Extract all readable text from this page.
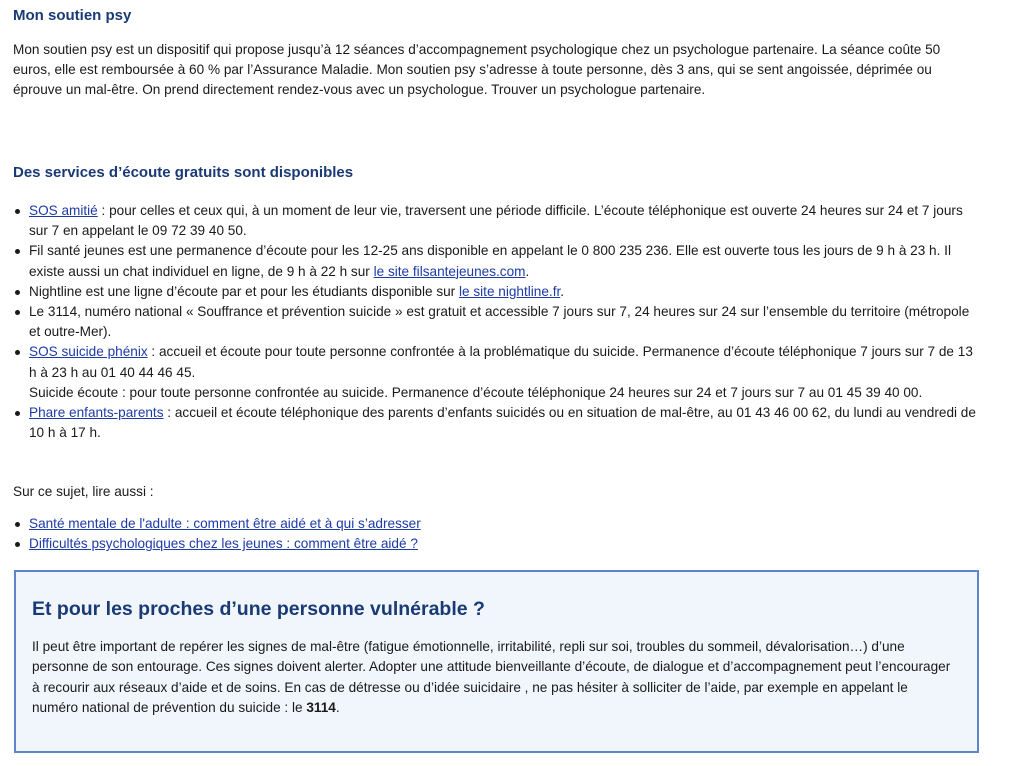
Mon soutien psy

Mon soutien psy est un dispositif qui propose jusqu’à 12 séances d’accompagnement psychologique chez un psychologue partenaire. La séance coûte 50 euros, elle est remboursée à 60 % par l’Assurance Maladie. Mon soutien psy s’adresse à toute personne, dès 3 ans, qui se sent angoissée, déprimée ou éprouve un mal-être. On prend directement rendez-vous avec un psychologue. Trouver un psychologue partenaire.

Des services d’écoute gratuits sont disponibles
SOS amitié : pour celles et ceux qui, à un moment de leur vie, traversent une période difficile. L’écoute téléphonique est ouverte 24 heures sur 24 et 7 jours sur 7 en appelant le 09 72 39 40 50.
Fil santé jeunes est une permanence d’écoute pour les 12-25 ans disponible en appelant le 0 800 235 236. Elle est ouverte tous les jours de 9 h à 23 h. Il existe aussi un chat individuel en ligne, de 9 h à 22 h sur le site filsantejeunes.com.
Nightline est une ligne d’écoute par et pour les étudiants disponible sur le site nightline.fr.
Le 3114, numéro national « Souffrance et prévention suicide » est gratuit et accessible 7 jours sur 7, 24 heures sur 24 sur l’ensemble du territoire (métropole et outre-Mer).
SOS suicide phénix : accueil et écoute pour toute personne confrontée à la problématique du suicide. Permanence d’écoute téléphonique 7 jours sur 7 de 13 h à 23 h au 01 40 44 46 45.
Suicide écoute : pour toute personne confrontée au suicide. Permanence d’écoute téléphonique 24 heures sur 24 et 7 jours sur 7 au 01 45 39 40 00.
Phare enfants-parents : accueil et écoute téléphonique des parents d’enfants suicidés ou en situation de mal-être, au 01 43 46 00 62, du lundi au vendredi de 10 h à 17 h.

Sur ce sujet, lire aussi :

Santé mentale de l'adulte : comment être aidé et à qui s’adresser
Difficultés psychologiques chez les jeunes : comment être aidé ?
Et pour les proches d’une personne vulnérable ?

Il peut être important de repérer les signes de mal-être (fatigue émotionnelle, irritabilité, repli sur soi, troubles du sommeil, dévalorisation…) d’une personne de son entourage. Ces signes doivent alerter. Adopter une attitude bienveillante d’écoute, de dialogue et d’accompagnement peut l’encourager à recourir aux réseaux d’aide et de soins. En cas de détresse ou d’idée suicidaire , ne pas hésiter à solliciter de l’aide, par exemple en appelant le numéro national de prévention du suicide : le 3114.
